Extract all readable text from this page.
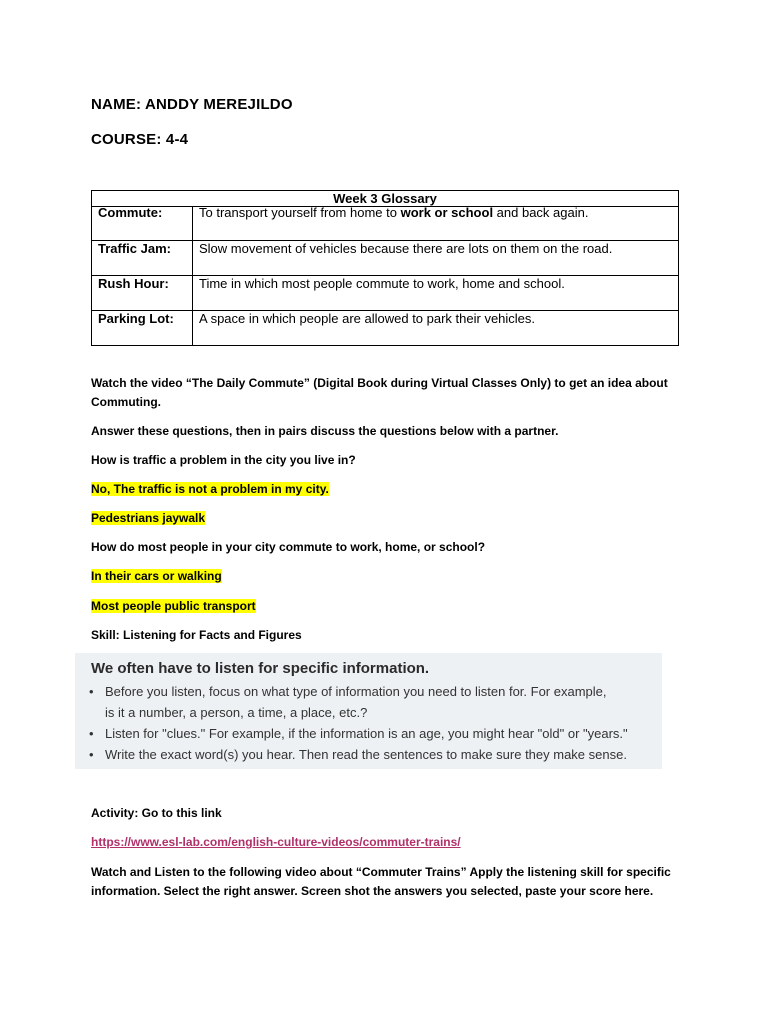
NAME: ANDDY MEREJILDO
COURSE: 4-4
Week 3 Glossary	
Commute:	To transport yourself from home to work or school and back again.
Traffic Jam:	Slow movement of vehicles because there are lots on them on the road.
Rush Hour:	Time in which most people commute to work, home and school.
Parking Lot:	A space in which people are allowed to park their vehicles.
Watch the video “The Daily Commute” (Digital Book during Virtual Classes Only) to get an idea about Commuting.
Answer these questions, then in pairs discuss the questions below with a partner.
How is traffic a problem in the city you live in?
No, The traffic is not a problem in my city.
Pedestrians jaywalk
How do most people in your city commute to work, home, or school?
In their cars or walking
Most people public transport
Skill: Listening for Facts and Figures
We often have to listen for specific information.
• Before you listen, focus on what type of information you need to listen for. For example,
is it a number, a person, a time, a place, etc.?
• Listen for "clues." For example, if the information is an age, you might hear "old" or "years."
• Write the exact word(s) you hear. Then read the sentences to make sure they make sense.
Activity: Go to this link
https://www.esl-lab.com/english-culture-videos/commuter-trains/
Watch and Listen to the following video about “Commuter Trains” Apply the listening skill for specific information. Select the right answer. Screen shot the answers you selected, paste your score here.
